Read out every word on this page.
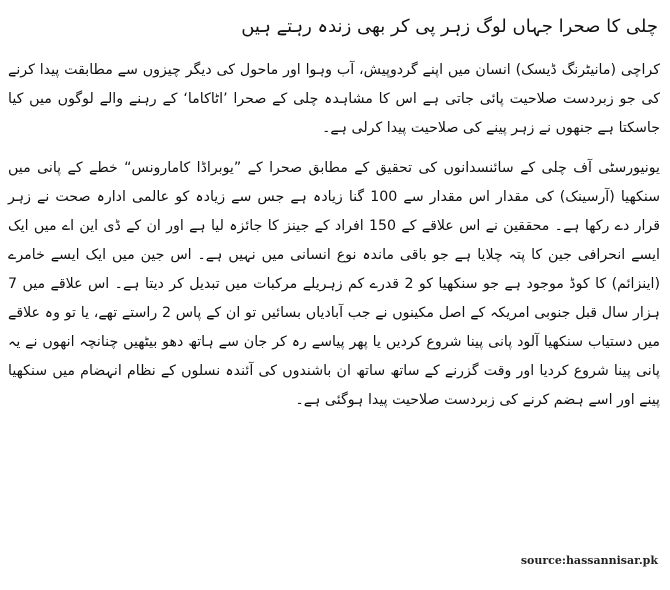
چلی کا صحرا جہاں لوگ زہر پی کر بھی زندہ رہتے ہیں

کراچی (مانیٹرنگ ڈیسک) انسان میں اپنے گردوپیش، آب وہوا اور ماحول کی دیگر چیزوں سے مطابقت پیدا کرنے کی جو زبردست صلاحیت پائی جاتی ہے اس کا مشاہدہ چلی کے صحرا ’اٹاکاما‘ کے رہنے والے لوگوں میں کیا جاسکتا ہے جنھوں نے زہر پینے کی صلاحیت پیدا کرلی ہے۔

یونیورسٹی آف چلی کے سائنسدانوں کی تحقیق کے مطابق صحرا کے ”یوبراڈا کامارونس“ خطے کے پانی میں سنکھیا (آرسینک) کی مقدار اس مقدار سے 100 گنا زیادہ ہے جس سے زیادہ کو عالمی ادارہ صحت نے زہر قرار دے رکھا ہے۔ محققین نے اس علاقے کے 150 افراد کے جینز کا جائزہ لیا ہے اور ان کے ڈی این اے میں ایک ایسے انحرافی جین کا پتہ چلایا ہے جو باقی ماندہ نوع انسانی میں نہیں ہے۔ اس جین میں ایک ایسے خامرے (اینزائم) کا کوڈ موجود ہے جو سنکھیا کو 2 قدرے کم زہریلے مرکبات میں تبدیل کر دیتا ہے۔ اس علاقے میں 7 ہزار سال قبل جنوبی امریکہ کے اصل مکینوں نے جب آبادیاں بسائیں تو ان کے پاس 2 راستے تھے، یا تو وہ علاقے میں دستیاب سنکھیا آلود پانی پینا شروع کردیں یا پھر پیاسے رہ کر جان سے ہاتھ دھو بیٹھیں چنانچہ انھوں نے یہ پانی پینا شروع کردیا اور وقت گزرنے کے ساتھ ساتھ ان باشندوں کی آئندہ نسلوں کے نظام انہضام میں سنکھیا پینے اور اسے ہضم کرنے کی زبردست صلاحیت پیدا ہوگئی ہے۔

source:hassannisar.pk
